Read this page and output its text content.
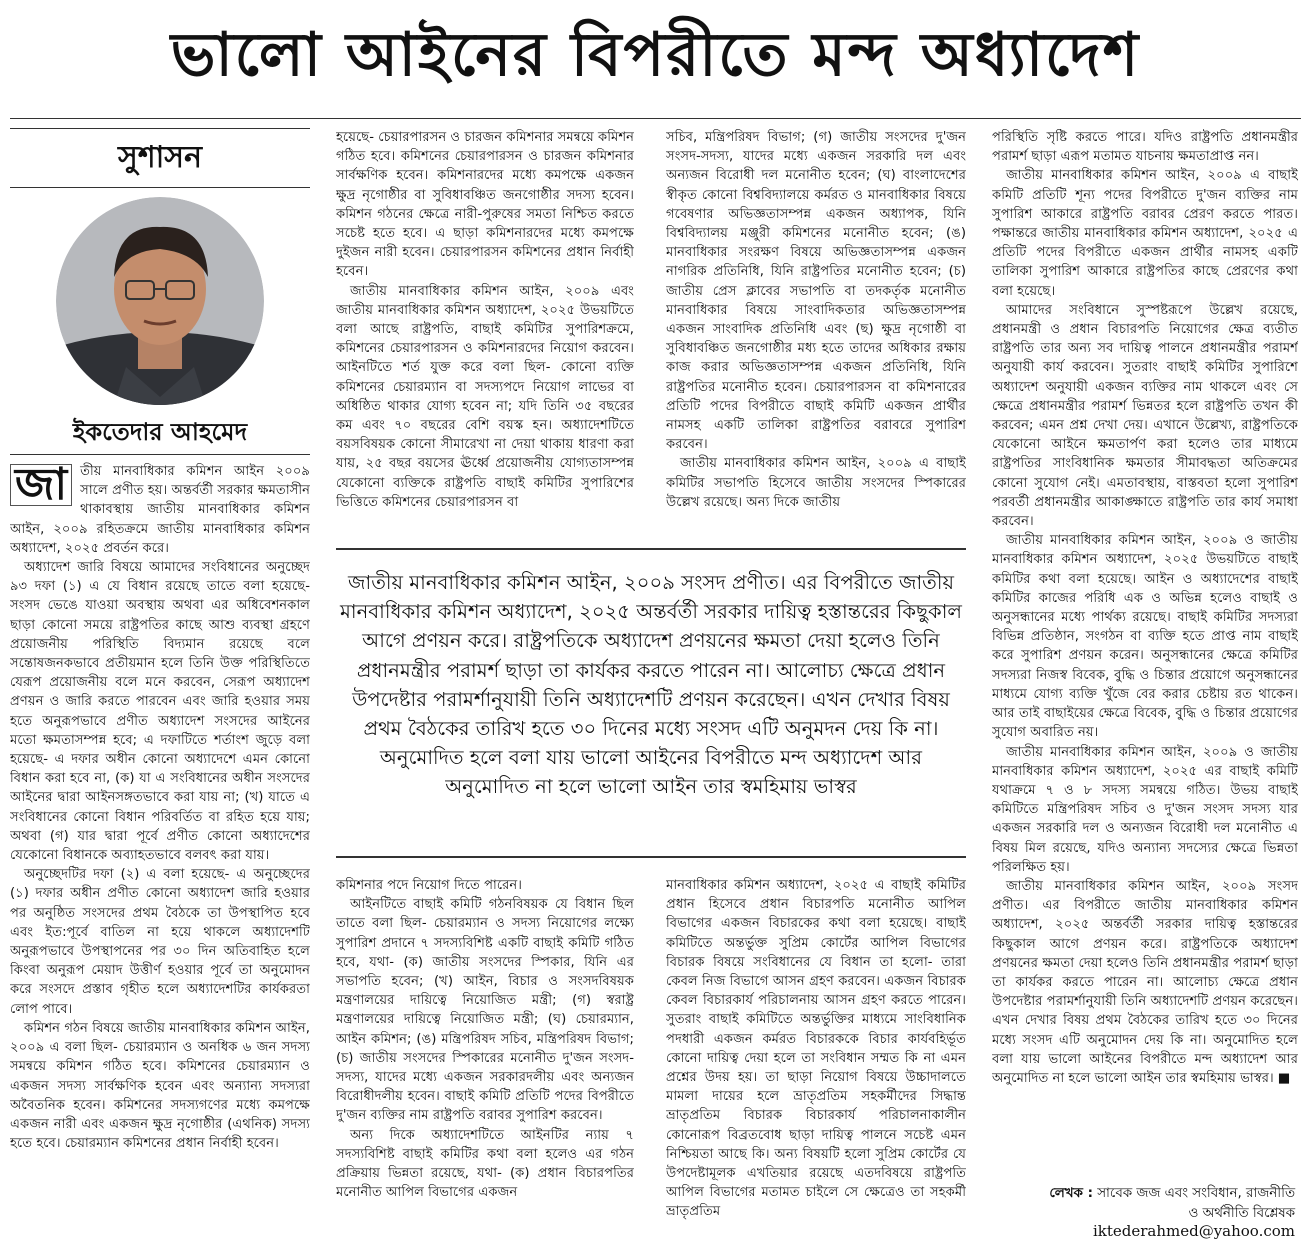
ভালো আইনের বিপরীতে মন্দ অধ্যাদেশ
সুশাসন
ইকতেদার আহমেদ

জা তীয় মানবাধিকার কমিশন আইন ২০০৯ সালে প্রণীত হয়। অন্তর্বর্তী সরকার ক্ষমতাসীন থাকাবস্থায় জাতীয় মানবাধিকার কমিশন আইন, ২০০৯ রহিতক্রমে জাতীয় মানবাধিকার কমিশন অধ্যাদেশ, ২০২৫ প্রবর্তন করে।

অধ্যাদেশ জারি বিষয়ে আমাদের সংবিধানের অনুচ্ছেদ ৯৩ দফা (১) এ যে বিধান রয়েছে তাতে বলা হয়েছে- সংসদ ভেঙে যাওয়া অবস্থায় অথবা এর অধিবেশনকাল ছাড়া কোনো সময়ে রাষ্ট্রপতির কাছে আশু ব্যবস্থা গ্রহণে প্রয়োজনীয় পরিস্থিতি বিদ্যমান রয়েছে বলে সন্তোষজনকভাবে প্রতীয়মান হলে তিনি উক্ত পরিস্থিতিতে যেরূপ প্রয়োজনীয় বলে মনে করবেন, সেরূপ অধ্যাদেশ প্রণয়ন ও জারি করতে পারবেন এবং জারি হওয়ার সময় হতে অনুরূপভাবে প্রণীত অধ্যাদেশ সংসদের আইনের মতো ক্ষমতাসম্পন্ন হবে; এ দফাটিতে শর্তাংশ জুড়ে বলা হয়েছে- এ দফার অধীন কোনো অধ্যাদেশে এমন কোনো বিধান করা হবে না, (ক) যা এ সংবিধানের অধীন সংসদের আইনের দ্বারা আইনসঙ্গতভাবে করা যায় না; (খ) যাতে এ সংবিধানের কোনো বিধান পরিবর্তিত বা রহিত হয়ে যায়; অথবা (গ) যার দ্বারা পূর্বে প্রণীত কোনো অধ্যাদেশের যেকোনো বিধানকে অব্যাহতভাবে বলবৎ করা যায়।

অনুচ্ছেদটির দফা (২) এ বলা হয়েছে- এ অনুচ্ছেদের (১) দফার অধীন প্রণীত কোনো অধ্যাদেশ জারি হওয়ার পর অনুষ্ঠিত সংসদের প্রথম বৈঠকে তা উপস্থাপিত হবে এবং ইত:পূর্বে বাতিল না হয়ে থাকলে অধ্যাদেশটি অনুরূপভাবে উপস্থাপনের পর ৩০ দিন অতিবাহিত হলে কিংবা অনুরূপ মেয়াদ উত্তীর্ণ হওয়ার পূর্বে তা অনুমোদন করে সংসদে প্রস্তাব গৃহীত হলে অধ্যাদেশটির কার্যকরতা লোপ পাবে।

কমিশন গঠন বিষয়ে জাতীয় মানবাধিকার কমিশন আইন, ২০০৯ এ বলা ছিল- চেয়ারম্যান ও অনধিক ৬ জন সদস্য সমন্বয়ে কমিশন গঠিত হবে। কমিশনের চেয়ারম্যান ও একজন সদস্য সার্বক্ষণিক হবেন এবং অন্যান্য সদস্যরা অবৈতনিক হবেন। কমিশনের সদস্যগণের মধ্যে কমপক্ষে একজন নারী এবং একজন ক্ষুদ্র নৃগোষ্ঠীর (এথনিক) সদস্য হতে হবে। চেয়ারম্যান কমিশনের প্রধান নির্বাহী হবেন।

হয়েছে- চেয়ারপারসন ও চারজন কমিশনার সমন্বয়ে কমিশন গঠিত হবে। কমিশনের চেয়ারপারসন ও চারজন কমিশনার সার্বক্ষণিক হবেন। কমিশনারদের মধ্যে কমপক্ষে একজন ক্ষুদ্র নৃগোষ্ঠীর বা সুবিধাবঞ্চিত জনগোষ্ঠীর সদস্য হবেন। কমিশন গঠনের ক্ষেত্রে নারী-পুরুষের সমতা নিশ্চিত করতে সচেষ্ট হতে হবে। এ ছাড়া কমিশনারদের মধ্যে কমপক্ষে দুইজন নারী হবেন। চেয়ারপারসন কমিশনের প্রধান নির্বাহী হবেন।

জাতীয় মানবাধিকার কমিশন আইন, ২০০৯ এবং জাতীয় মানবাধিকার কমিশন অধ্যাদেশ, ২০২৫ উভয়টিতে বলা আছে রাষ্ট্রপতি, বাছাই কমিটির সুপারিশক্রমে, কমিশনের চেয়ারপারসন ও কমিশনারদের নিয়োগ করবেন। আইনটিতে শর্ত যুক্ত করে বলা ছিল- কোনো ব্যক্তি কমিশনের চেয়ারম্যান বা সদস্যপদে নিয়োগ লাভের বা অধিষ্ঠিত থাকার যোগ্য হবেন না; যদি তিনি ৩৫ বছরের কম এবং ৭০ বছরের বেশি বয়স্ক হন। অধ্যাদেশটিতে বয়সবিষয়ক কোনো সীমারেখা না দেয়া থাকায় ধারণা করা যায়, ২৫ বছর বয়সের ঊর্ধ্বে প্রয়োজনীয় যোগ্যতাসম্পন্ন যেকোনো ব্যক্তিকে রাষ্ট্রপতি বাছাই কমিটির সুপারিশের ভিত্তিতে কমিশনের চেয়ারপারসন বা

সচিব, মন্ত্রিপরিষদ বিভাগ; (গ) জাতীয় সংসদের দু'জন সংসদ-সদস্য, যাদের মধ্যে একজন সরকারি দল এবং অন্যজন বিরোধী দল মনোনীত হবেন; (ঘ) বাংলাদেশের স্বীকৃত কোনো বিশ্ববিদ্যালয়ে কর্মরত ও মানবাধিকার বিষয়ে গবেষণার অভিজ্ঞতাসম্পন্ন একজন অধ্যাপক, যিনি বিশ্ববিদ্যালয় মঞ্জুরী কমিশনের মনোনীত হবেন; (ঙ) মানবাধিকার সংরক্ষণ বিষয়ে অভিজ্ঞতাসম্পন্ন একজন নাগরিক প্রতিনিধি, যিনি রাষ্ট্রপতির মনোনীত হবেন; (চ) জাতীয় প্রেস ক্লাবের সভাপতি বা তদকর্তৃক মনোনীত মানবাধিকার বিষয়ে সাংবাদিকতার অভিজ্ঞতাসম্পন্ন একজন সাংবাদিক প্রতিনিধি এবং (ছ) ক্ষুদ্র নৃগোষ্ঠী বা সুবিধাবঞ্চিত জনগোষ্ঠীর মধ্য হতে তাদের অধিকার রক্ষায় কাজ করার অভিজ্ঞতাসম্পন্ন একজন প্রতিনিধি, যিনি রাষ্ট্রপতির মনোনীত হবেন। চেয়ারপারসন বা কমিশনারের প্রতিটি পদের বিপরীতে বাছাই কমিটি একজন প্রার্থীর নামসহ একটি তালিকা রাষ্ট্রপতির বরাবরে সুপারিশ করবেন।

জাতীয় মানবাধিকার কমিশন আইন, ২০০৯ এ বাছাই কমিটির সভাপতি হিসেবে জাতীয় সংসদের স্পিকারের উল্লেখ রয়েছে। অন্য দিকে জাতীয়

জাতীয় মানবাধিকার কমিশন আইন, ২০০৯ সংসদ প্রণীত। এর বিপরীতে জাতীয় মানবাধিকার কমিশন অধ্যাদেশ, ২০২৫ অন্তর্বর্তী সরকার দায়িত্ব হস্তান্তরের কিছুকাল আগে প্রণয়ন করে। রাষ্ট্রপতিকে অধ্যাদেশ প্রণয়নের ক্ষমতা দেয়া হলেও তিনি প্রধানমন্ত্রীর পরামর্শ ছাড়া তা কার্যকর করতে পারেন না। আলোচ্য ক্ষেত্রে প্রধান উপদেষ্টার পরামর্শানুযায়ী তিনি অধ্যাদেশটি প্রণয়ন করেছেন। এখন দেখার বিষয় প্রথম বৈঠকের তারিখ হতে ৩০ দিনের মধ্যে সংসদ এটি অনুমদন দেয় কি না। অনুমোদিত হলে বলা যায় ভালো আইনের বিপরীতে মন্দ অধ্যাদেশ আর অনুমোদিত না হলে ভালো আইন তার স্বমহিমায় ভাস্বর

কমিশনার পদে নিয়োগ দিতে পারেন।

আইনটিতে বাছাই কমিটি গঠনবিষয়ক যে বিধান ছিল তাতে বলা ছিল- চেয়ারম্যান ও সদস্য নিয়োগের লক্ষ্যে সুপারিশ প্রদানে ৭ সদস্যবিশিষ্ট একটি বাছাই কমিটি গঠিত হবে, যথা- (ক) জাতীয় সংসদের স্পিকার, যিনি এর সভাপতি হবেন; (খ) আইন, বিচার ও সংসদবিষয়ক মন্ত্রণালয়ের দায়িত্বে নিয়োজিত মন্ত্রী; (গ) স্বরাষ্ট্র মন্ত্রণালয়ের দায়িত্বে নিয়োজিত মন্ত্রী; (ঘ) চেয়ারম্যান, আইন কমিশন; (ঙ) মন্ত্রিপরিষদ সচিব, মন্ত্রিপরিষদ বিভাগ; (চ) জাতীয় সংসদের স্পিকারের মনোনীত দু'জন সংসদ-সদস্য, যাদের মধ্যে একজন সরকারদলীয় এবং অন্যজন বিরোধীদলীয় হবেন। বাছাই কমিটি প্রতিটি পদের বিপরীতে দু'জন ব্যক্তির নাম রাষ্ট্রপতি বরাবর সুপারিশ করবেন।

অন্য দিকে অধ্যাদেশটিতে আইনটির ন্যায় ৭ সদস্যবিশিষ্ট বাছাই কমিটির কথা বলা হলেও এর গঠন প্রক্রিয়ায় ভিন্নতা রয়েছে, যথা- (ক) প্রধান বিচারপতির মনোনীত আপিল বিভাগের একজন

মানবাধিকার কমিশন অধ্যাদেশ, ২০২৫ এ বাছাই কমিটির প্রধান হিসেবে প্রধান বিচারপতি মনোনীত আপিল বিভাগের একজন বিচারকের কথা বলা হয়েছে। বাছাই কমিটিতে অন্তর্ভুক্ত সুপ্রিম কোর্টের আপিল বিভাগের বিচারক বিষয়ে সংবিধানের যে বিধান তা হলো- তারা কেবল নিজ বিভাগে আসন গ্রহণ করবেন। একজন বিচারক কেবল বিচারকার্য পরিচালনায় আসন গ্রহণ করতে পারেন। সুতরাং বাছাই কমিটিতে অন্তর্ভুক্তির মাধ্যমে সাংবিধানিক পদধারী একজন কর্মরত বিচারককে বিচার কার্যবহির্ভূত কোনো দায়িত্ব দেয়া হলে তা সংবিধান সম্মত কি না এমন প্রশ্নের উদয় হয়। তা ছাড়া নিয়োগ বিষয়ে উচ্চাদালতে মামলা দায়ের হলে ভ্রাতৃপ্রতিম সহকর্মীদের সিদ্ধান্ত ভ্রাতৃপ্রতিম বিচারক বিচারকার্য পরিচালনাকালীন কোনোরূপ বিব্রতবোধ ছাড়া দায়িত্ব পালনে সচেষ্ট এমন নিশ্চিয়তা আছে কি। অন্য বিষয়টি হলো সুপ্রিম কোর্টের যে উপদেষ্টামূলক এখতিয়ার রয়েছে এতদবিষয়ে রাষ্ট্রপতি আপিল বিভাগের মতামত চাইলে সে ক্ষেত্রেও তা সহকর্মী ভ্রাতৃপ্রতিম

পরিস্থিতি সৃষ্টি করতে পারে। যদিও রাষ্ট্রপতি প্রধানমন্ত্রীর পরামর্শ ছাড়া এরূপ মতামত যাচনায় ক্ষমতাপ্রাপ্ত নন।

জাতীয় মানবাধিকার কমিশন আইন, ২০০৯ এ বাছাই কমিটি প্রতিটি শূন্য পদের বিপরীতে দু'জন ব্যক্তির নাম সুপারিশ আকারে রাষ্ট্রপতি বরাবর প্রেরণ করতে পারত। পক্ষান্তরে জাতীয় মানবাধিকার কমিশন অধ্যাদেশ, ২০২৫ এ প্রতিটি পদের বিপরীতে একজন প্রার্থীর নামসহ একটি তালিকা সুপারিশ আকারে রাষ্ট্রপতির কাছে প্রেরণের কথা বলা হয়েছে।

আমাদের সংবিধানে সুস্পষ্টরূপে উল্লেখ রয়েছে, প্রধানমন্ত্রী ও প্রধান বিচারপতি নিয়োগের ক্ষেত্র ব্যতীত রাষ্ট্রপতি তার অন্য সব দায়িত্ব পালনে প্রধানমন্ত্রীর পরামর্শ অনুযায়ী কার্য করবেন। সুতরাং বাছাই কমিটির সুপারিশে অধ্যাদেশ অনুযায়ী একজন ব্যক্তির নাম থাকলে এবং সে ক্ষেত্রে প্রধানমন্ত্রীর পরামর্শ ভিন্নতর হলে রাষ্ট্রপতি তখন কী করবেন; এমন প্রশ্ন দেখা দেয়। এখানে উল্লেখ্য, রাষ্ট্রপতিকে যেকোনো আইনে ক্ষমতার্পণ করা হলেও তার মাধ্যমে রাষ্ট্রপতির সাংবিধানিক ক্ষমতার সীমাবদ্ধতা অতিক্রমের কোনো সুযোগ নেই। এমতাবস্থায়, বাস্তবতা হলো সুপারিশ পরবর্তী প্রধানমন্ত্রীর আকাঙ্ক্ষাতে রাষ্ট্রপতি তার কার্য সমাধা করবেন।

জাতীয় মানবাধিকার কমিশন আইন, ২০০৯ ও জাতীয় মানবাধিকার কমিশন অধ্যাদেশ, ২০২৫ উভয়টিতে বাছাই কমিটির কথা বলা হয়েছে। আইন ও অধ্যাদেশের বাছাই কমিটির কাজের পরিধি এক ও অভিন্ন হলেও বাছাই ও অনুসন্ধানের মধ্যে পার্থক্য রয়েছে। বাছাই কমিটির সদস্যরা বিভিন্ন প্রতিষ্ঠান, সংগঠন বা ব্যক্তি হতে প্রাপ্ত নাম বাছাই করে সুপারিশ প্রণয়ন করেন। অনুসন্ধানের ক্ষেত্রে কমিটির সদস্যরা নিজস্ব বিবেক, বুদ্ধি ও চিন্তার প্রয়োগে অনুসন্ধানের মাধ্যমে যোগ্য ব্যক্তি খুঁজে বের করার চেষ্টায় রত থাকেন। আর তাই বাছাইয়ের ক্ষেত্রে বিবেক, বুদ্ধি ও চিন্তার প্রয়োগের সুযোগ অবারিত নয়।

জাতীয় মানবাধিকার কমিশন আইন, ২০০৯ ও জাতীয় মানবাধিকার কমিশন অধ্যাদেশ, ২০২৫ এর বাছাই কমিটি যথাক্রমে ৭ ও ৮ সদস্য সমন্বয়ে গঠিত। উভয় বাছাই কমিটিতে মন্ত্রিপরিষদ সচিব ও দু'জন সংসদ সদস্য যার একজন সরকারি দল ও অন্যজন বিরোধী দল মনোনীত এ বিষয় মিল রয়েছে, যদিও অন্যান্য সদস্যের ক্ষেত্রে ভিন্নতা পরিলক্ষিত হয়।

জাতীয় মানবাধিকার কমিশন আইন, ২০০৯ সংসদ প্রণীত। এর বিপরীতে জাতীয় মানবাধিকার কমিশন অধ্যাদেশ, ২০২৫ অন্তর্বর্তী সরকার দায়িত্ব হস্তান্তরের কিছুকাল আগে প্রণয়ন করে। রাষ্ট্রপতিকে অধ্যাদেশ প্রণয়নের ক্ষমতা দেয়া হলেও তিনি প্রধানমন্ত্রীর পরামর্শ ছাড়া তা কার্যকর করতে পারেন না। আলোচ্য ক্ষেত্রে প্রধান উপদেষ্টার পরামর্শানুযায়ী তিনি অধ্যাদেশটি প্রণয়ন করেছেন। এখন দেখার বিষয় প্রথম বৈঠকের তারিখ হতে ৩০ দিনের মধ্যে সংসদ এটি অনুমোদন দেয় কি না। অনুমোদিত হলে বলা যায় ভালো আইনের বিপরীতে মন্দ অধ্যাদেশ আর অনুমোদিত না হলে ভালো আইন তার স্বমহিমায় ভাস্বর। ■

লেখক : সাবেক জজ এবং সংবিধান, রাজনীতি
ও অর্থনীতি বিশ্লেষক
iktederahmed@yahoo.com
